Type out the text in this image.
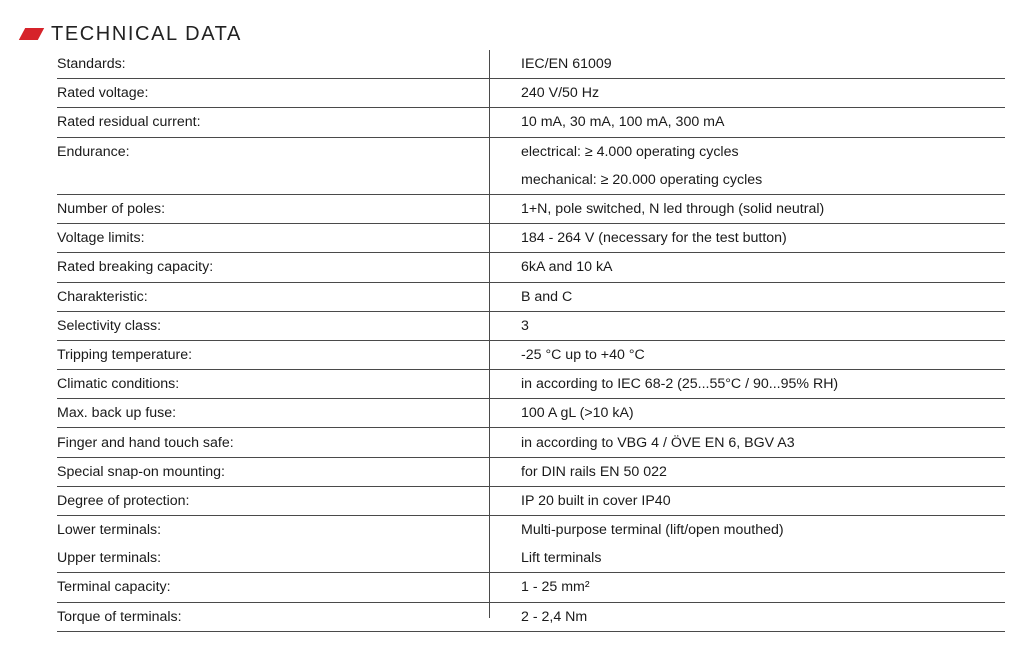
TECHNICAL DATA
Standards:	IEC/EN 61009
Rated voltage:	240 V/50 Hz
Rated residual current:	10 mA, 30 mA, 100 mA, 300 mA
Endurance:	electrical: ≥ 4.000 operating cycles
mechanical: ≥ 20.000 operating cycles
Number of poles:	1+N, pole switched, N led through (solid neutral)
Voltage limits:	184 - 264 V (necessary for the test button)
Rated breaking capacity:	6kA and 10 kA
Charakteristic:	B and C
Selectivity class:	3
Tripping temperature:	-25 °C up to +40 °C
Climatic conditions:	in according to IEC 68-2 (25...55°C / 90...95% RH)
Max. back up fuse:	100 A gL (>10 kA)
Finger and hand touch safe:	in according to VBG 4 / ÖVE EN 6, BGV A3
Special snap-on mounting:	for DIN rails EN 50 022
Degree of protection:	IP 20 built in cover IP40
Lower terminals:	Multi-purpose terminal (lift/open mouthed)
Upper terminals:	Lift terminals
Terminal capacity:	1 - 25 mm²
Torque of terminals:	2 - 2,4 Nm
